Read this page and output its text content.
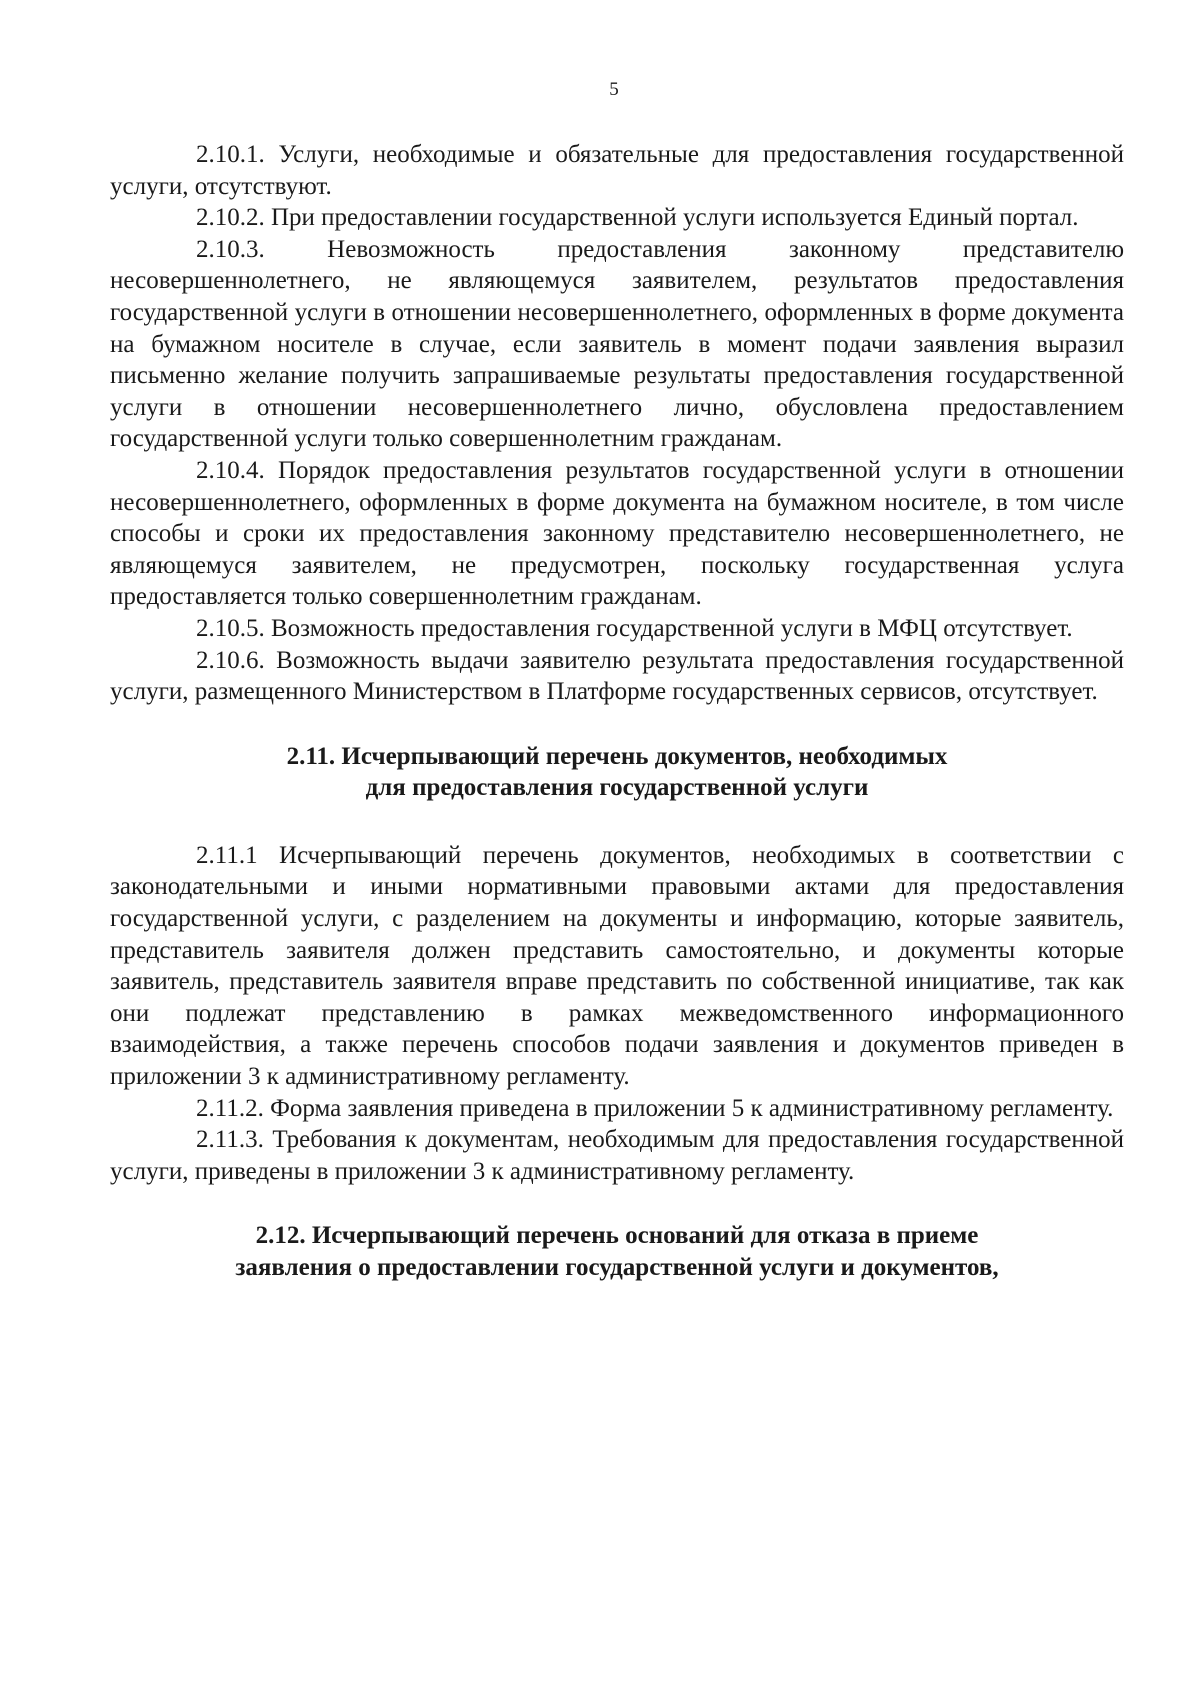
5

2.10.1. Услуги, необходимые и обязательные для предоставления государственной услуги, отсутствуют.

2.10.2. При предоставлении государственной услуги используется Единый портал.

2.10.3. Невозможность предоставления законному представителю несовершеннолетнего, не являющемуся заявителем, результатов предоставления государственной услуги в отношении несовершеннолетнего, оформленных в форме документа на бумажном носителе в случае, если заявитель в момент подачи заявления выразил письменно желание получить запрашиваемые результаты предоставления государственной услуги в отношении несовершеннолетнего лично, обусловлена предоставлением государственной услуги только совершеннолетним гражданам.

2.10.4. Порядок предоставления результатов государственной услуги в отношении несовершеннолетнего, оформленных в форме документа на бумажном носителе, в том числе способы и сроки их предоставления законному представителю несовершеннолетнего, не являющемуся заявителем, не предусмотрен, поскольку государственная услуга предоставляется только совершеннолетним гражданам.

2.10.5. Возможность предоставления государственной услуги в МФЦ отсутствует.

2.10.6. Возможность выдачи заявителю результата предоставления государственной услуги, размещенного Министерством в Платформе государственных сервисов, отсутствует.

2.11. Исчерпывающий перечень документов, необходимых
для предоставления государственной услуги

2.11.1 Исчерпывающий перечень документов, необходимых в соответствии с законодательными и иными нормативными правовыми актами для предоставления государственной услуги, с разделением на документы и информацию, которые заявитель, представитель заявителя должен представить самостоятельно, и документы которые заявитель, представитель заявителя вправе представить по собственной инициативе, так как они подлежат представлению в рамках межведомственного информационного взаимодействия, а также перечень способов подачи заявления и документов приведен в приложении 3 к административному регламенту.

2.11.2. Форма заявления приведена в приложении 5 к административному регламенту.

2.11.3. Требования к документам, необходимым для предоставления государственной услуги, приведены в приложении 3 к административному регламенту.

2.12. Исчерпывающий перечень оснований для отказа в приеме
заявления о предоставлении государственной услуги и документов,
